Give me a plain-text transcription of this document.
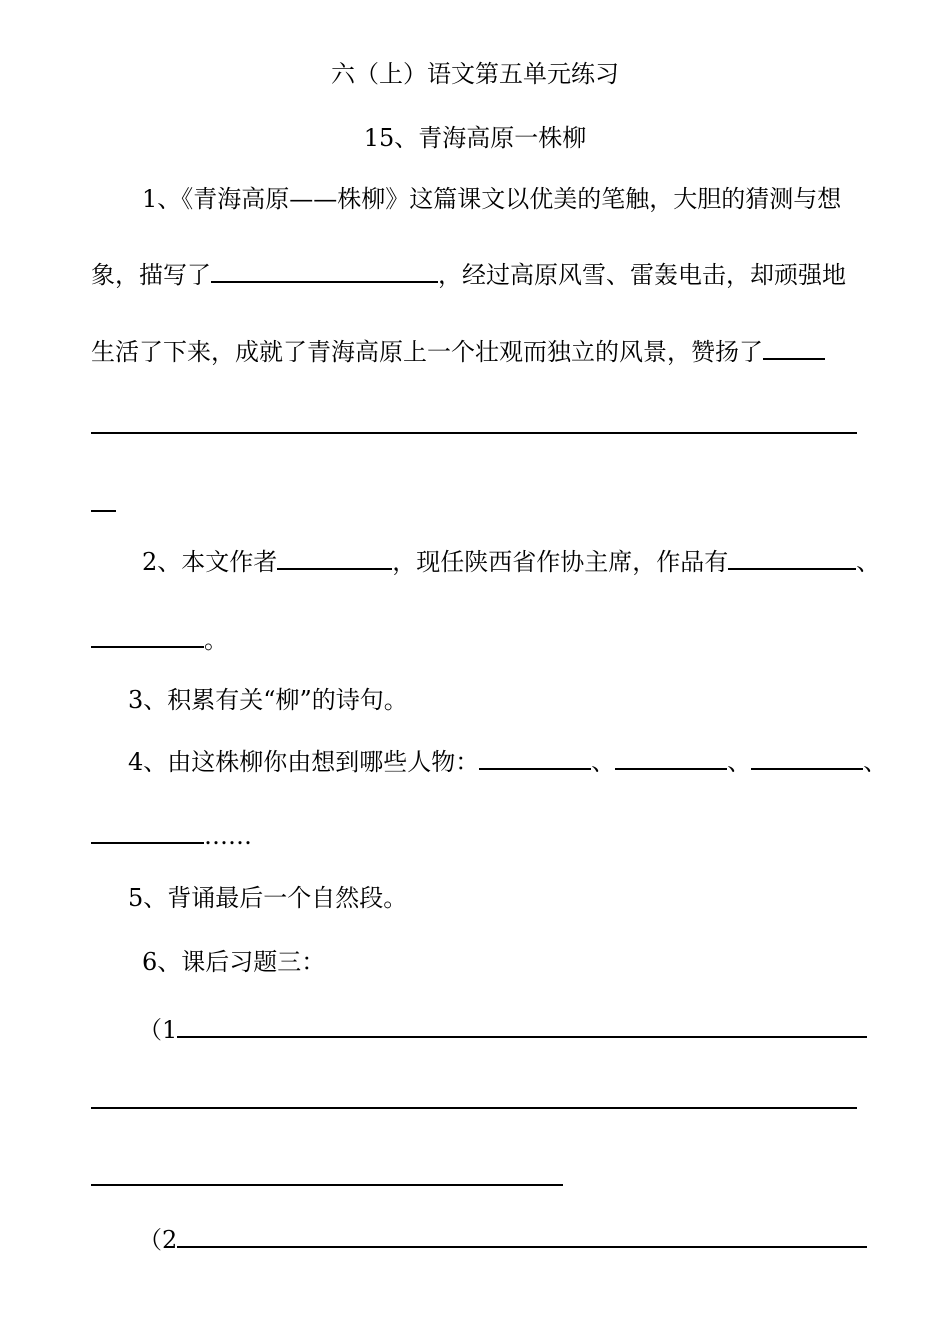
六（上）语文第五单元练习
15、青海高原一株柳
1、《青海高原——株柳》这篇课文以优美的笔触，大胆的猜测与想
象，描写了	，经过高原风雪、雷轰电击，却顽强地
生活了下来，成就了青海高原上一个壮观而独立的风景，赞扬了
2、本文作者	，现任陕西省作协主席，作品有	、
。
3、积累有关“柳”的诗句。
4、由这株柳你由想到哪些人物：	、	、	、
……
5、背诵最后一个自然段。
6、课后习题三：
（1
（2
